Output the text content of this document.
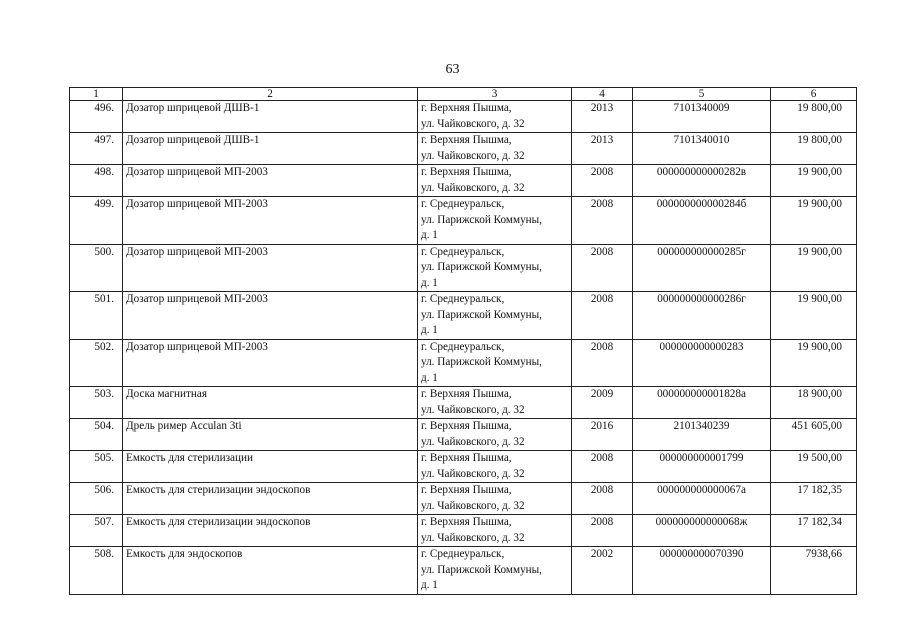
63
1	2	3	4	5	6
496.	Дозатор шприцевой ДШВ-1	г. Верхняя Пышма,
ул. Чайковского, д. 32	2013	7101340009	19 800,00
497.	Дозатор шприцевой ДШВ-1	г. Верхняя Пышма,
ул. Чайковского, д. 32	2013	7101340010	19 800,00
498.	Дозатор шприцевой МП-2003	г. Верхняя Пышма,
ул. Чайковского, д. 32	2008	000000000000282в	19 900,00
499.	Дозатор шприцевой МП-2003	г. Среднеуральск,
ул. Парижской Коммуны,
д. 1	2008	000000000000284б	19 900,00
500.	Дозатор шприцевой МП-2003	г. Среднеуральск,
ул. Парижской Коммуны,
д. 1	2008	000000000000285г	19 900,00
501.	Дозатор шприцевой МП-2003	г. Среднеуральск,
ул. Парижской Коммуны,
д. 1	2008	000000000000286г	19 900,00
502.	Дозатор шприцевой МП-2003	г. Среднеуральск,
ул. Парижской Коммуны,
д. 1	2008	000000000000283	19 900,00
503.	Доска магнитная	г. Верхняя Пышма,
ул. Чайковского, д. 32	2009	000000000001828а	18 900,00
504.	Дрель ример Acculan 3ti	г. Верхняя Пышма,
ул. Чайковского, д. 32	2016	2101340239	451 605,00
505.	Емкость для стерилизации	г. Верхняя Пышма,
ул. Чайковского, д. 32	2008	000000000001799	19 500,00
506.	Емкость для стерилизации эндоскопов	г. Верхняя Пышма,
ул. Чайковского, д. 32	2008	000000000000067а	17 182,35
507.	Емкость для стерилизации эндоскопов	г. Верхняя Пышма,
ул. Чайковского, д. 32	2008	000000000000068ж	17 182,34
508.	Емкость для эндоскопов	г. Среднеуральск,
ул. Парижской Коммуны,
д. 1	2002	000000000070390	7938,66
